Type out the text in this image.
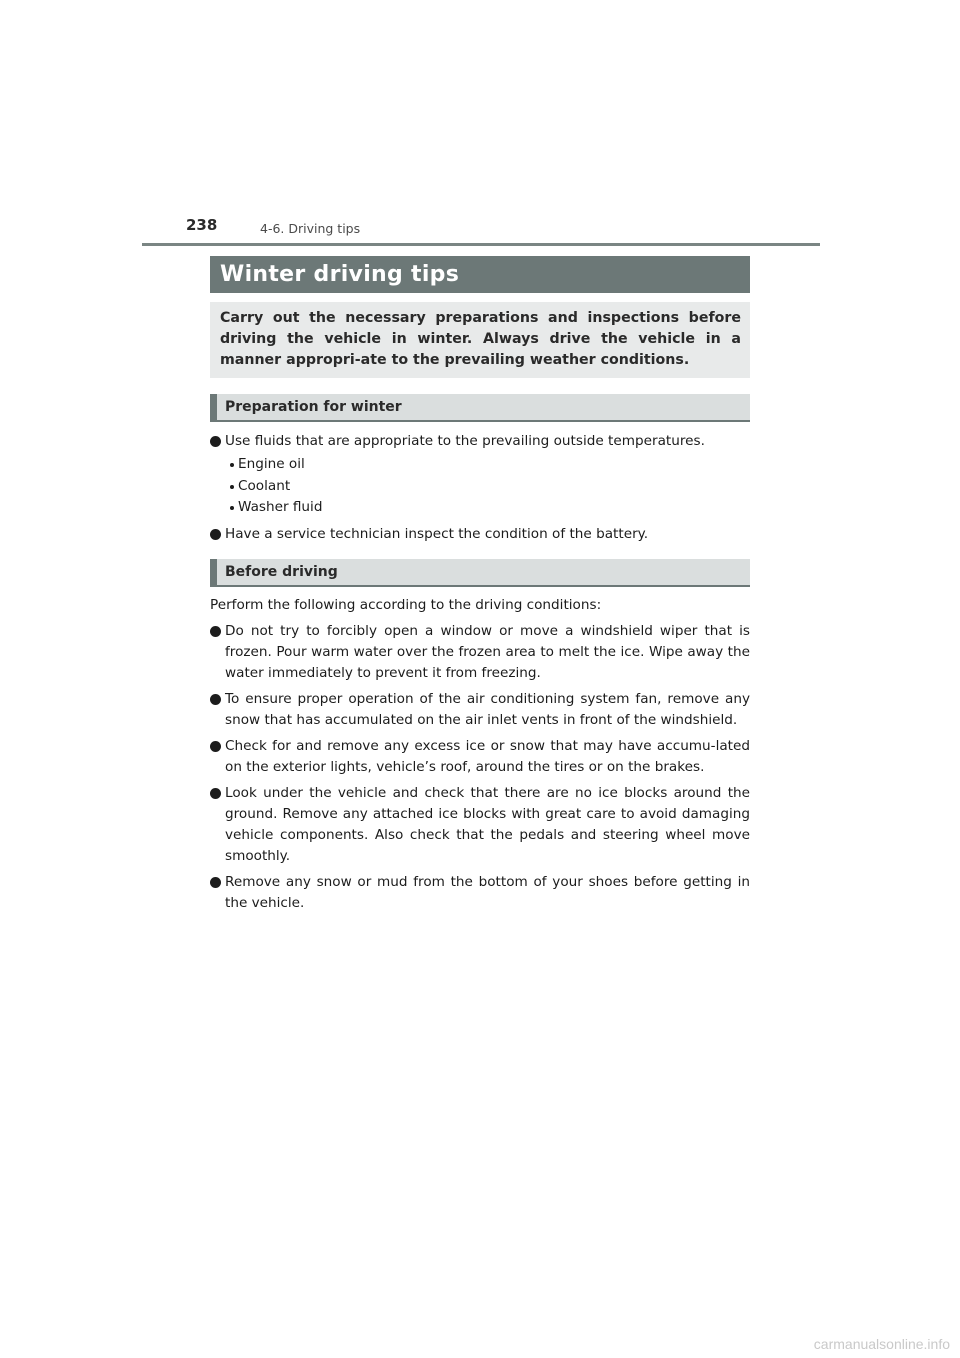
238	4-6. Driving tips
Winter driving tips
Carry out the necessary preparations and inspections before driving the vehicle in winter. Always drive the vehicle in a manner appropri-ate to the prevailing weather conditions.
Preparation for winter
Use fluids that are appropriate to the prevailing outside temperatures.
Engine oil
Coolant
Washer fluid
Have a service technician inspect the condition of the battery.
Before driving
Perform the following according to the driving conditions:
Do not try to forcibly open a window or move a windshield wiper that is frozen. Pour warm water over the frozen area to melt the ice. Wipe away the water immediately to prevent it from freezing.
To ensure proper operation of the air conditioning system fan, remove any snow that has accumulated on the air inlet vents in front of the windshield.
Check for and remove any excess ice or snow that may have accumu-lated on the exterior lights, vehicle’s roof, around the tires or on the brakes.
Look under the vehicle and check that there are no ice blocks around the ground. Remove any attached ice blocks with great care to avoid damaging vehicle components. Also check that the pedals and steering wheel move smoothly.
Remove any snow or mud from the bottom of your shoes before getting in the vehicle.
carmanualsonline.info
